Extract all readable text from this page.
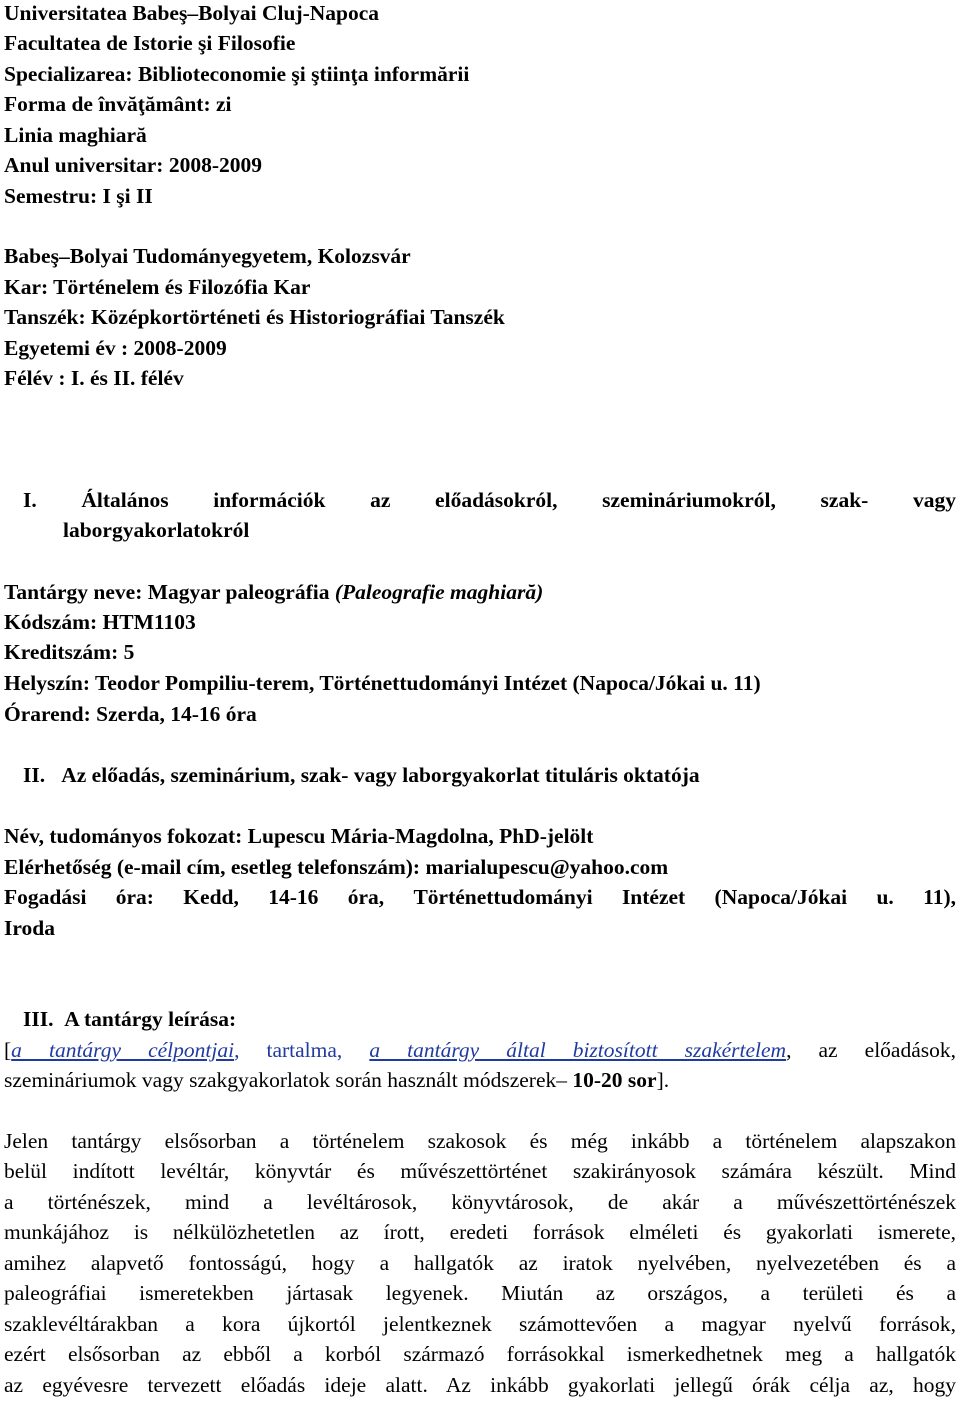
Universitatea Babeş–Bolyai Cluj-Napoca
Facultatea de Istorie şi Filosofie
Specializarea: Biblioteconomie şi ştiinţa informării
Forma de învăţământ: zi
Linia maghiară
Anul universitar: 2008-2009
Semestru: I şi II
Babeş–Bolyai Tudományegyetem, Kolozsvár
Kar: Történelem és Filozófia Kar
Tanszék: Középkortörténeti és Historiográfiai Tanszék
Egyetemi év : 2008-2009
Félév : I. és II. félév
I. Általános információk az előadásokról, szemináriumokról, szak- vagy
laborgyakorlatokról
Tantárgy neve: Magyar paleográfia (Paleografie maghiară)
Kódszám: HTM1103
Kreditszám: 5
Helyszín: Teodor Pompiliu-terem, Történettudományi Intézet (Napoca/Jókai u. 11)
Órarend: Szerda, 14-16 óra
II. Az előadás, szeminárium, szak- vagy laborgyakorlat tituláris oktatója
Név, tudományos fokozat: Lupescu Mária-Magdolna, PhD-jelölt
Elérhetőség (e-mail cím, esetleg telefonszám): marialupescu@yahoo.com
Fogadási óra: Kedd, 14-16 óra, Történettudományi Intézet (Napoca/Jókai u. 11),
Iroda
III. A tantárgy leírása:
[a tantárgy célpontjai, tartalma, a tantárgy által biztosított szakértelem, az előadások,
szemináriumok vagy szakgyakorlatok során használt módszerek– 10-20 sor].
Jelen tantárgy elsősorban a történelem szakosok és még inkább a történelem alapszakon
belül indított levéltár, könyvtár és művészettörténet szakirányosok számára készült. Mind
a történészek, mind a levéltárosok, könyvtárosok, de akár a művészettörténészek
munkájához is nélkülözhetetlen az írott, eredeti források elméleti és gyakorlati ismerete,
amihez alapvető fontosságú, hogy a hallgatók az iratok nyelvében, nyelvezetében és a
paleográfiai ismeretekben jártasak legyenek. Miután az országos, a területi és a
szaklevéltárakban a kora újkortól jelentkeznek számottevően a magyar nyelvű források,
ezért elsősorban az ebből a korból származó forrásokkal ismerkedhetnek meg a hallgatók
az egyévesre tervezett előadás ideje alatt. Az inkább gyakorlati jellegű órák célja az, hogy
